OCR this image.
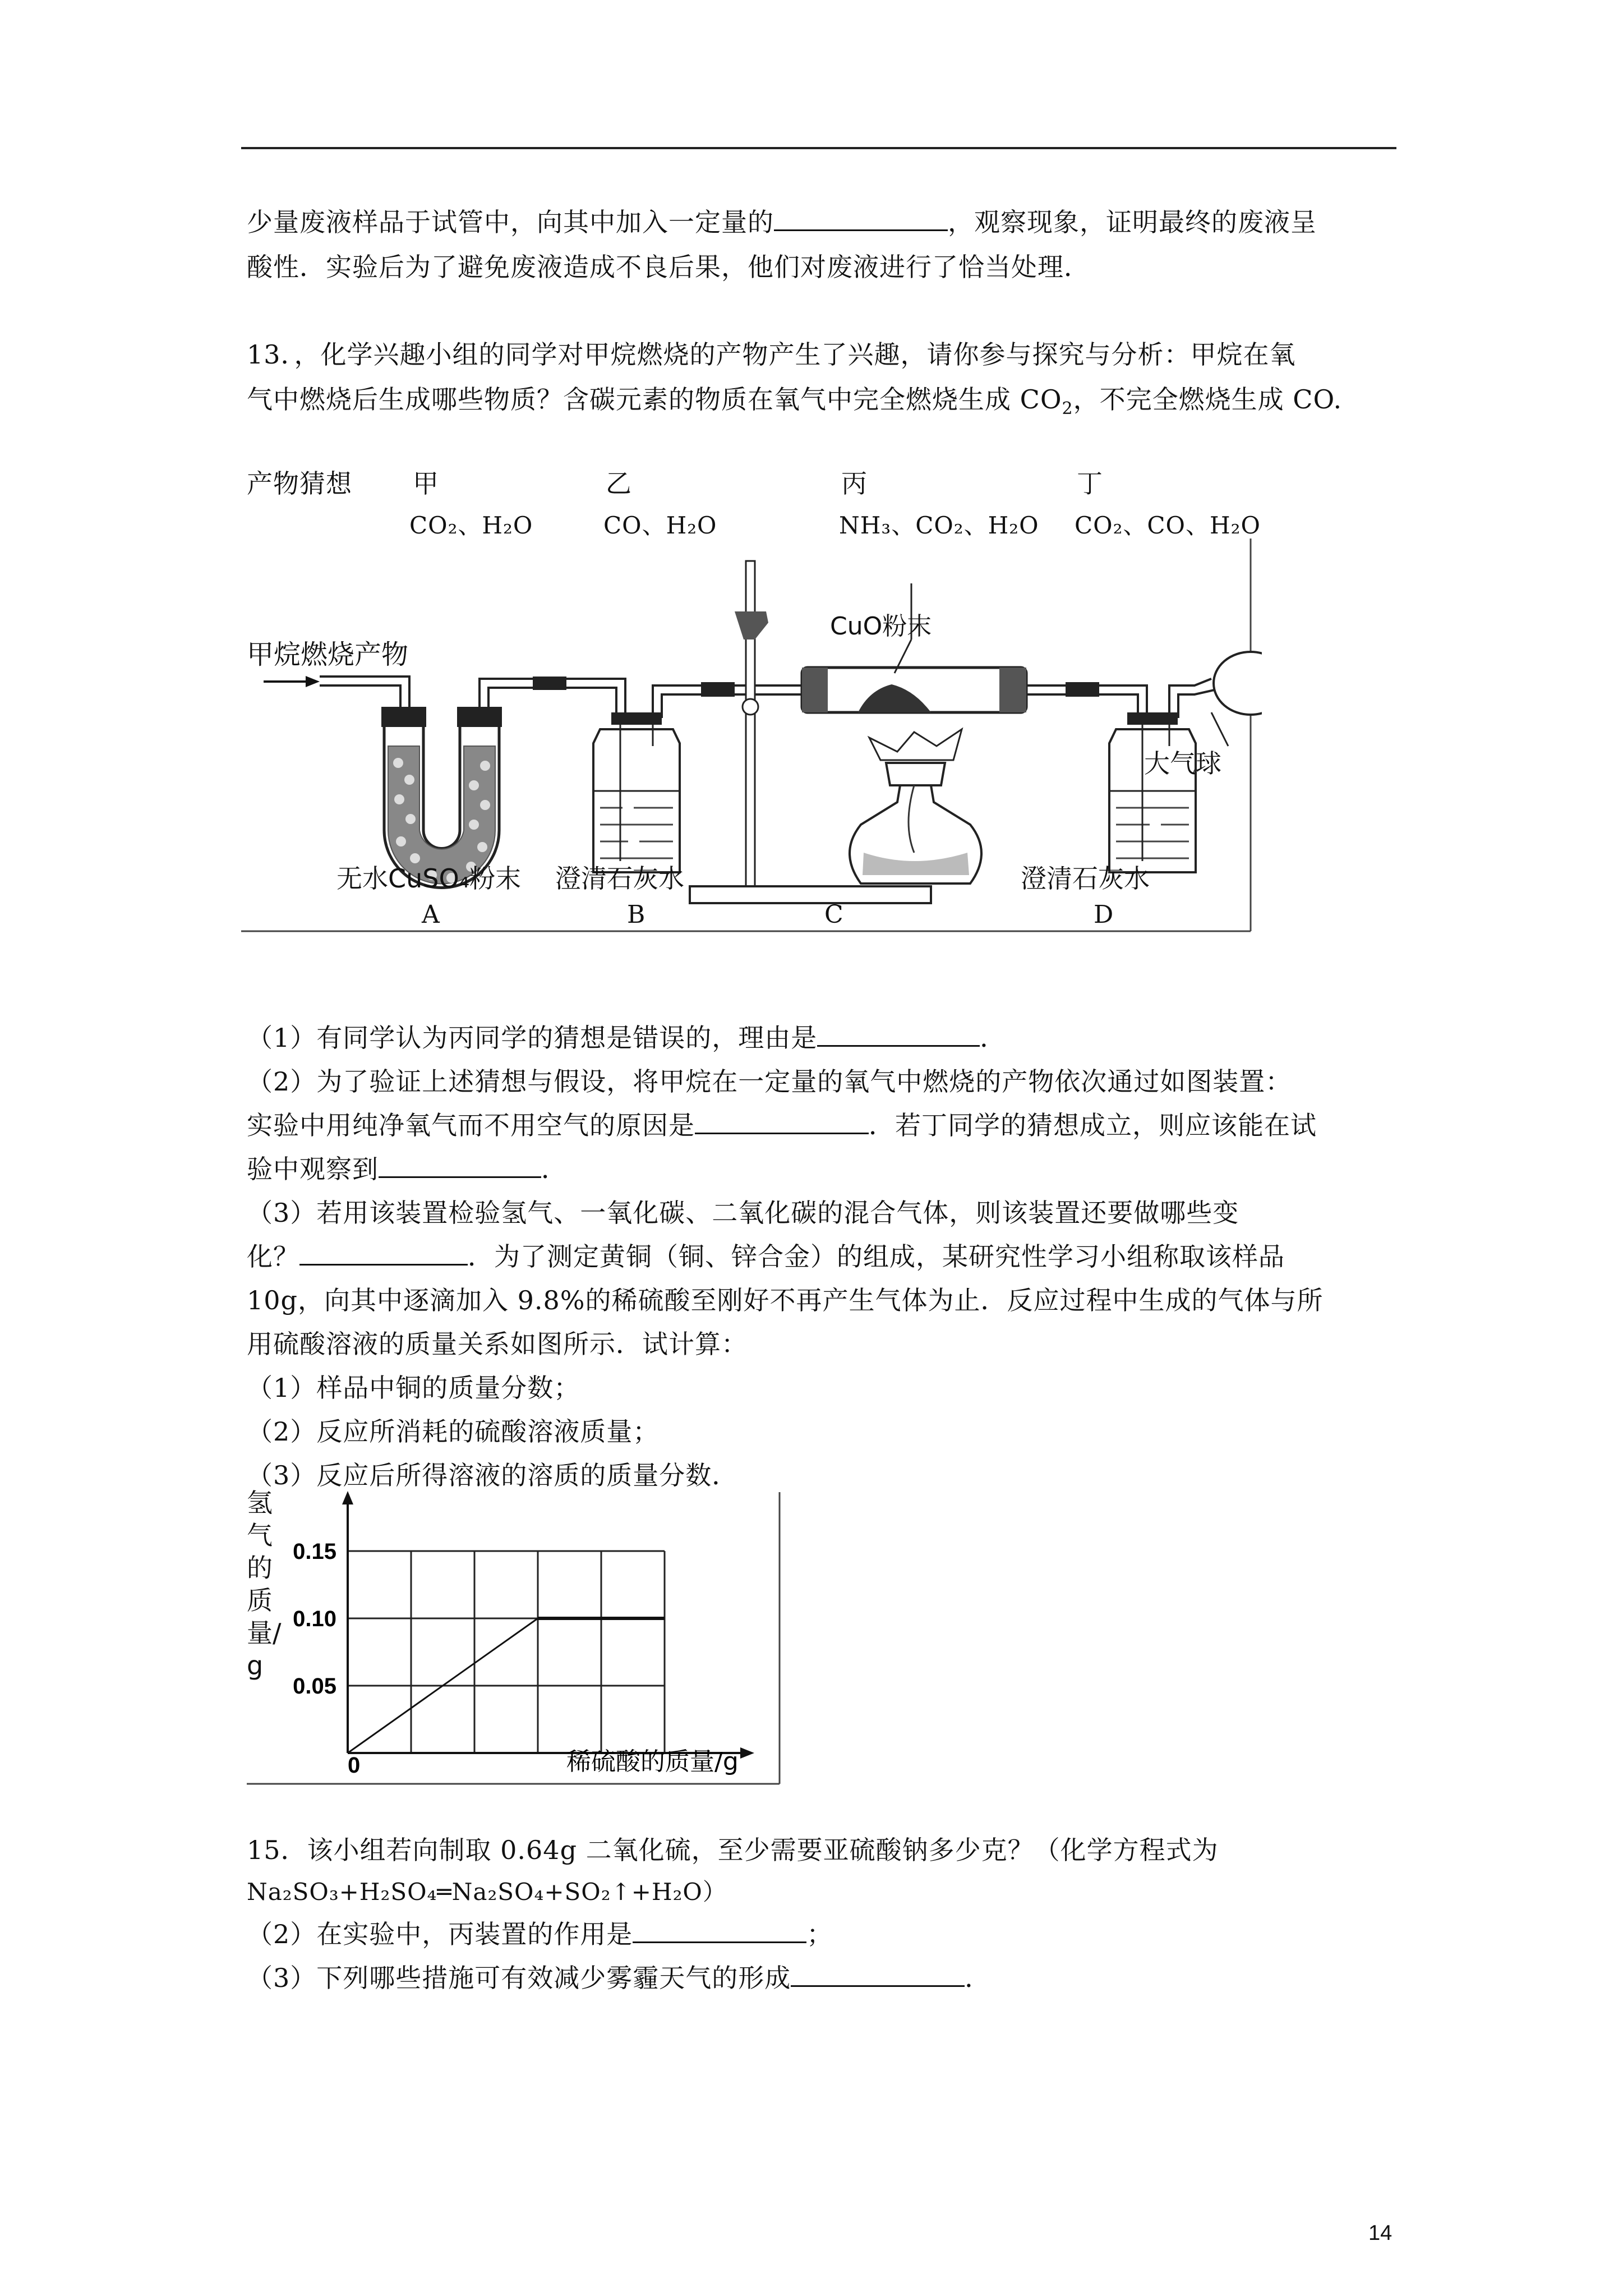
少量废液样品于试管中，向其中加入一定量的	，观察现象，证明最终的废液呈
酸性．实验后为了避免废液造成不良后果，他们对废液进行了恰当处理．
13．，化学兴趣小组的同学对甲烷燃烧的产物产生了兴趣，请你参与探究与分析：甲烷在氧
气中燃烧后生成哪些物质？含碳元素的物质在氧气中完全燃烧生成 $CO_2$，不完全燃烧生成 CO.
产物猜想 甲	乙	丙	丁
CO₂、H₂O	CO、H₂O	NH₃、CO₂、H₂O CO₂、CO、H₂O
甲烷燃烧产物
CuO粉末
大气球
无水CuSO₄粉末 澄清石灰水	澄清石灰水
A	B	C	D
（1）有同学认为丙同学的猜想是错误的，理由是	．
（2）为了验证上述猜想与假设，将甲烷在一定量的氧气中燃烧的产物依次通过如图装置：
实验中用纯净氧气而不用空气的原因是	．若丁同学的猜想成立，则应该能在试
验中观察到	．
（3）若用该装置检验氢气、一氧化碳、二氧化碳的混合气体，则该装置还要做哪些变
化？	．为了测定黄铜（铜、锌合金）的组成，某研究性学习小组称取该样品
10g，向其中逐滴加入 9.8%的稀硫酸至刚好不再产生气体为止．反应过程中生成的气体与所
用硫酸溶液的质量关系如图所示．试计算：
（1）样品中铜的质量分数；
（2）反应所消耗的硫酸溶液质量；
（3）反应后所得溶液的溶质的质量分数．
0.15
0.10
0.05
0	稀硫酸的质量/g
氢气的质量/g
15．该小组若向制取 0.64g 二氧化硫，至少需要亚硫酸钠多少克？（化学方程式为
Na₂SO₃+H₂SO₄═Na₂SO₄+SO₂↑+H₂O）
（2）在实验中，丙装置的作用是	；
（3）下列哪些措施可有效减少雾霾天气的形成	．
14
